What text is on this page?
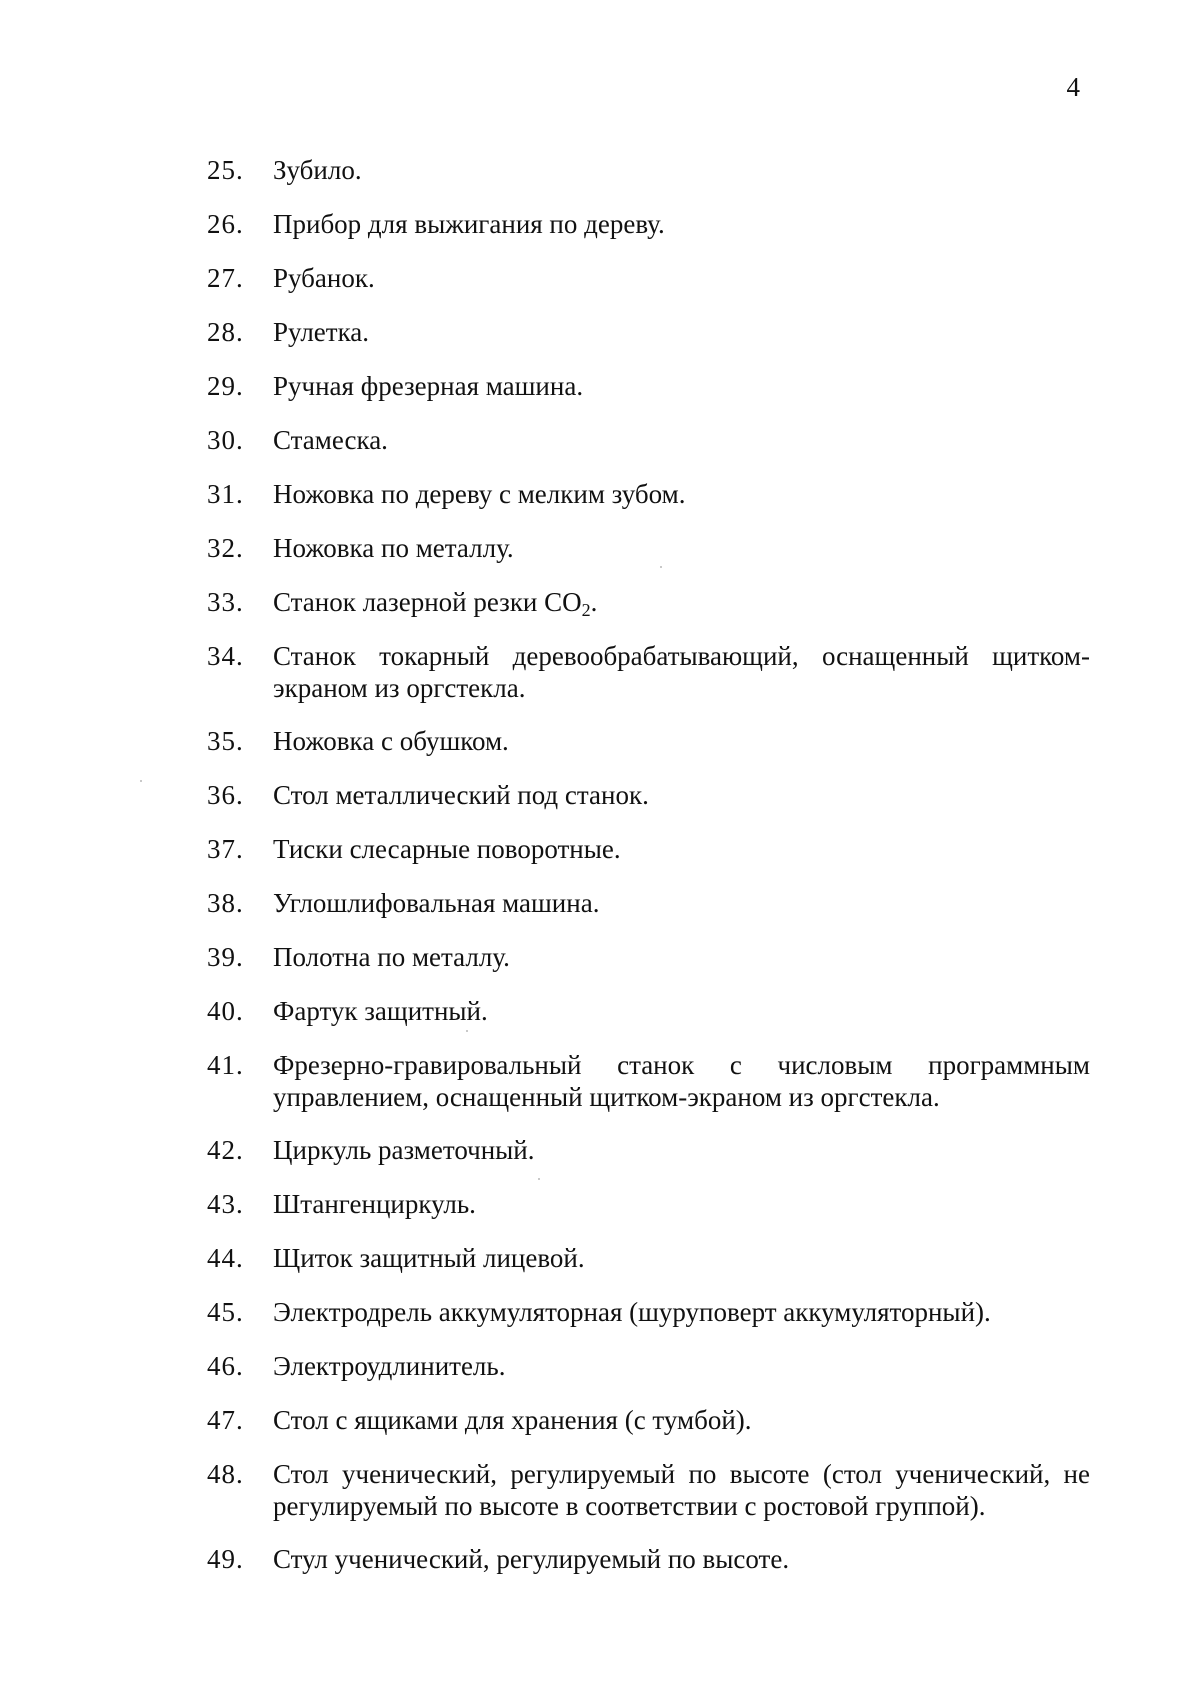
4
25.	Зубило.
26.	Прибор для выжигания по дереву.
27.	Рубанок.
28.	Рулетка.
29.	Ручная фрезерная машина.
30.	Стамеска.
31.	Ножовка по дереву с мелким зубом.
32.	Ножовка по металлу.
33.	Станок лазерной резки $CO_2$.
34.	Станок токарный деревообрабатывающий, оснащенный щитком-экраном из оргстекла.
35.	Ножовка с обушком.
36.	Стол металлический под станок.
37.	Тиски слесарные поворотные.
38.	Углошлифовальная машина.
39.	Полотна по металлу.
40.	Фартук защитный.
41.	Фрезерно-гравировальный станок с числовым программным управлением, оснащенный щитком-экраном из оргстекла.
42.	Циркуль разметочный.
43.	Штангенциркуль.
44.	Щиток защитный лицевой.
45.	Электродрель аккумуляторная (шуруповерт аккумуляторный).
46.	Электроудлинитель.
47.	Стол с ящиками для хранения (с тумбой).
48.	Стол ученический, регулируемый по высоте (стол ученический, не регулируемый по высоте в соответствии с ростовой группой).
49.	Стул ученический, регулируемый по высоте.
